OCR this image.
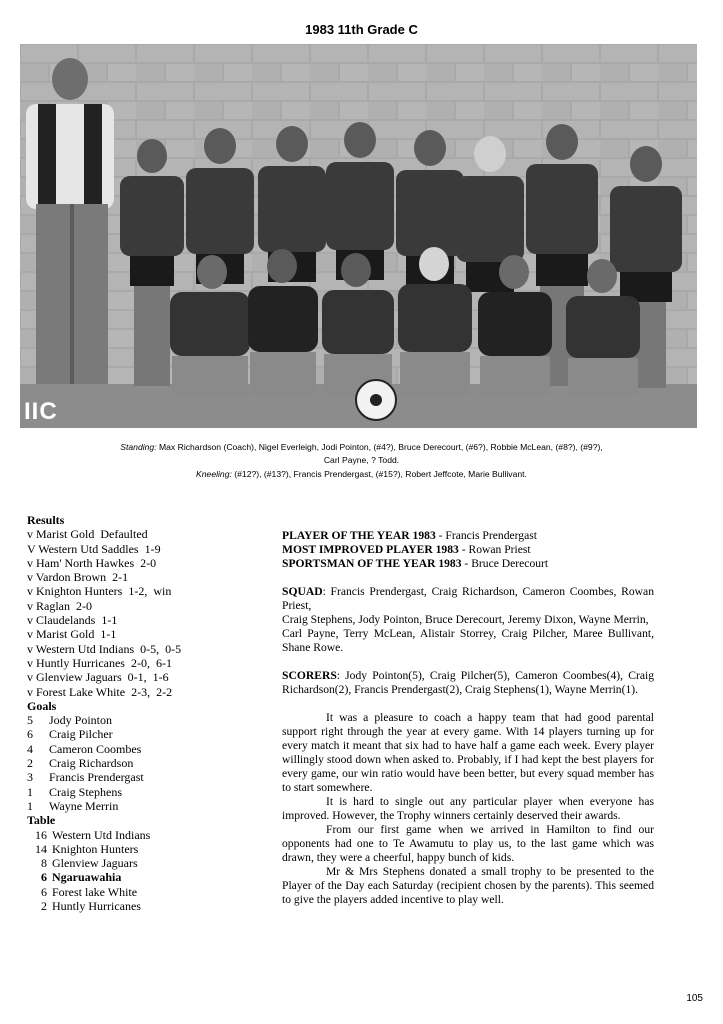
1983 11th Grade C
IIC
Standing: Max Richardson (Coach), Nigel Everleigh, Jodi Pointon, (#4?), Bruce Derecourt, (#6?), Robbie McLean, (#8?), (#9?),
Carl Payne, ? Todd.
Kneeling: (#12?), (#13?), Francis Prendergast, (#15?), Robert Jeffcote, Marie Bullivant.
Results
v Marist Gold  Defaulted
V Western Utd Saddles  1-9
v Ham' North Hawkes  2-0
v Vardon Brown  2-1
v Knighton Hunters  1-2,  win
v Raglan  2-0
v Claudelands  1-1
v Marist Gold  1-1
v Western Utd Indians  0-5,  0-5
v Huntly Hurricanes  2-0,  6-1
v Glenview Jaguars  0-1,  1-6
v Forest Lake White  2-3,  2-2
Goals
5 Jody Pointon
6 Craig Pilcher
4 Cameron Coombes
2 Craig Richardson
3 Francis Prendergast
1 Craig Stephens
1 Wayne Merrin
Table
16 Western Utd Indians
14 Knighton Hunters
8 Glenview Jaguars
6 Ngaruawahia
6 Forest lake White
2 Huntly Hurricanes

PLAYER OF THE YEAR 1983 - Francis Prendergast

MOST IMPROVED PLAYER 1983 - Rowan Priest

SPORTSMAN OF THE YEAR 1983 - Bruce Derecourt

SQUAD: Francis Prendergast, Craig Richardson, Cameron Coombes, Rowan Priest,

Craig Stephens, Jody Pointon, Bruce Derecourt, Jeremy Dixon, Wayne Merrin,

Carl Payne, Terry McLean, Alistair Storrey, Craig Pilcher, Maree Bullivant, Shane Rowe.

SCORERS: Jody Pointon(5), Craig Pilcher(5), Cameron Coombes(4), Craig Richardson(2), Francis Prendergast(2), Craig Stephens(1), Wayne Merrin(1).

It was a pleasure to coach a happy team that had good parental support right through the year at every game. With 14 players turning up for every match it meant that six had to have half a game each week. Every player willingly stood down when asked to. Probably, if I had kept the best players for every game, our win ratio would have been better, but every squad member has to start somewhere.

It is hard to single out any particular player when everyone has improved. However, the Trophy winners certainly deserved their awards.

From our first game when we arrived in Hamilton to find our opponents had one to Te Awamutu to play us, to the last game which was drawn, they were a cheerful, happy bunch of kids.

Mr & Mrs Stephens donated a small trophy to be presented to the Player of the Day each Saturday (recipient chosen by the parents). This seemed to give the players added incentive to play well.

105
